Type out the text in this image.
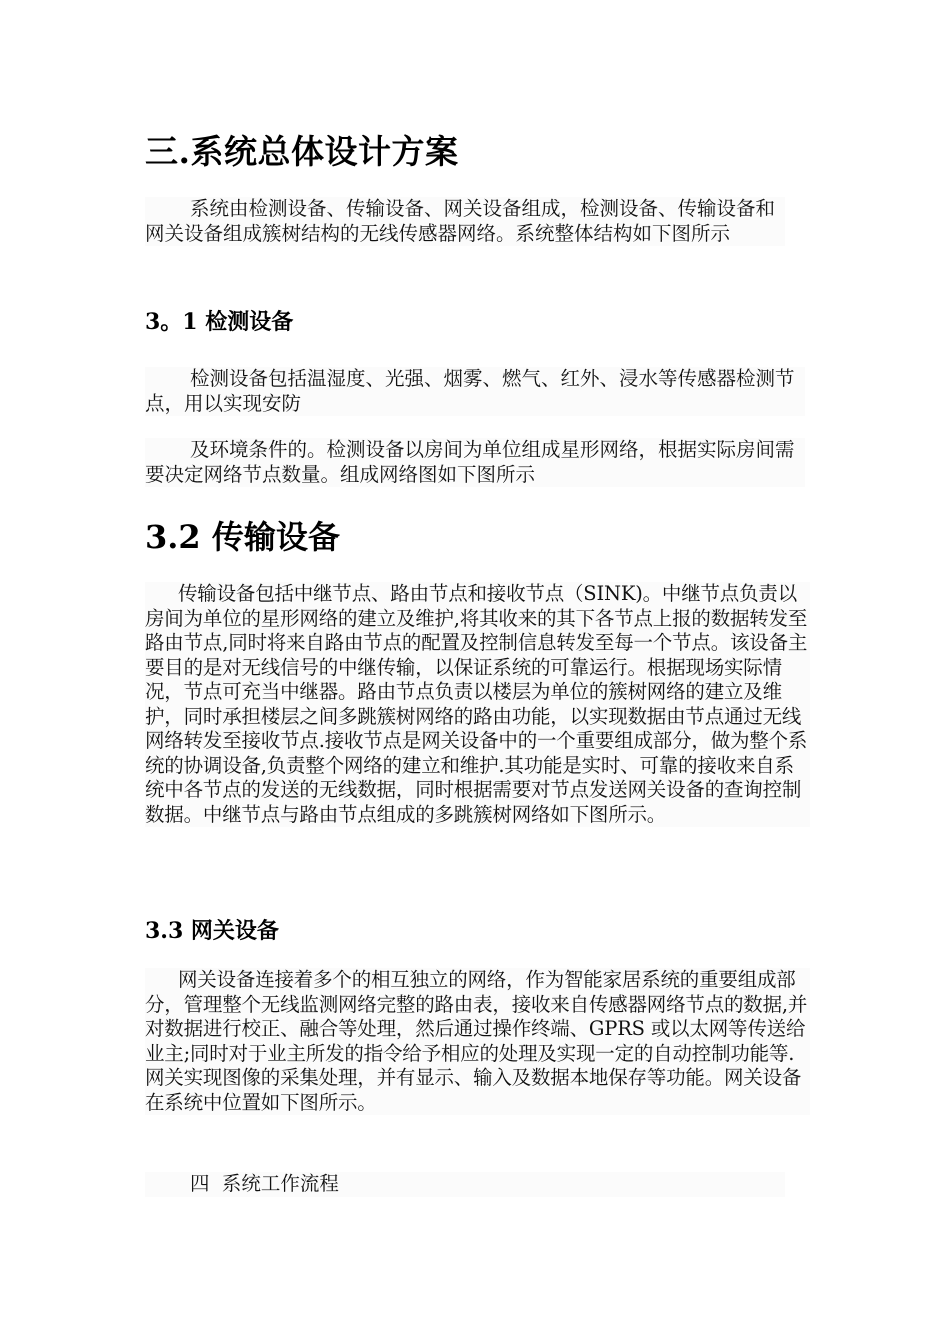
三.系统总体设计方案

系统由检测设备、传输设备、网关设备组成，检测设备、传输设备和网关设备组成簇树结构的无线传感器网络。系统整体结构如下图所示

3。1 检测设备

检测设备包括温湿度、光强、烟雾、燃气、红外、浸水等传感器检测节点，用以实现安防

及环境条件的。检测设备以房间为单位组成星形网络，根据实际房间需要决定网络节点数量。组成网络图如下图所示

3.2 传输设备

传输设备包括中继节点、路由节点和接收节点（SINK)。中继节点负责以房间为单位的星形网络的建立及维护,将其收来的其下各节点上报的数据转发至路由节点,同时将来自路由节点的配置及控制信息转发至每一个节点。该设备主要目的是对无线信号的中继传输，以保证系统的可靠运行。根据现场实际情况，节点可充当中继器。路由节点负责以楼层为单位的簇树网络的建立及维护，同时承担楼层之间多跳簇树网络的路由功能，以实现数据由节点通过无线网络转发至接收节点.接收节点是网关设备中的一个重要组成部分，做为整个系统的协调设备,负责整个网络的建立和维护.其功能是实时、可靠的接收来自系统中各节点的发送的无线数据，同时根据需要对节点发送网关设备的查询控制数据。中继节点与路由节点组成的多跳簇树网络如下图所示。

3.3 网关设备

网关设备连接着多个的相互独立的网络，作为智能家居系统的重要组成部分，管理整个无线监测网络完整的路由表，接收来自传感器网络节点的数据,并对数据进行校正、融合等处理，然后通过操作终端、GPRS 或以太网等传送给业主;同时对于业主所发的指令给予相应的处理及实现一定的自动控制功能等.网关实现图像的采集处理，并有显示、输入及数据本地保存等功能。网关设备在系统中位置如下图所示。

四  系统工作流程
